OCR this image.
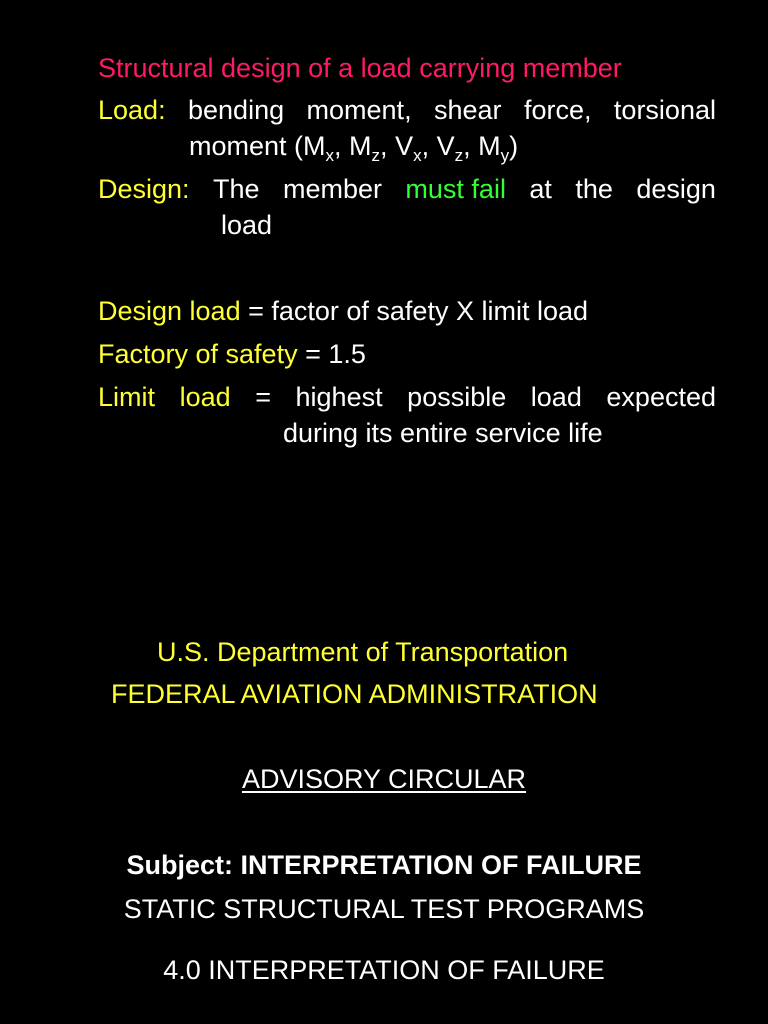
Structural design of a load carrying member
Load: bending moment, shear force, torsional
moment ($M_x$, $M_z$, $V_x$, $V_z$, $M_y$)
Design: The member must fail at the design
load
Design load = factor of safety X limit load
Factory of safety = 1.5
Limit load = highest possible load expected
during its entire service life
U.S. Department of Transportation
FEDERAL AVIATION ADMINISTRATION
ADVISORY CIRCULAR
Subject: INTERPRETATION OF FAILURE
STATIC STRUCTURAL TEST PROGRAMS
4.0 INTERPRETATION OF FAILURE
